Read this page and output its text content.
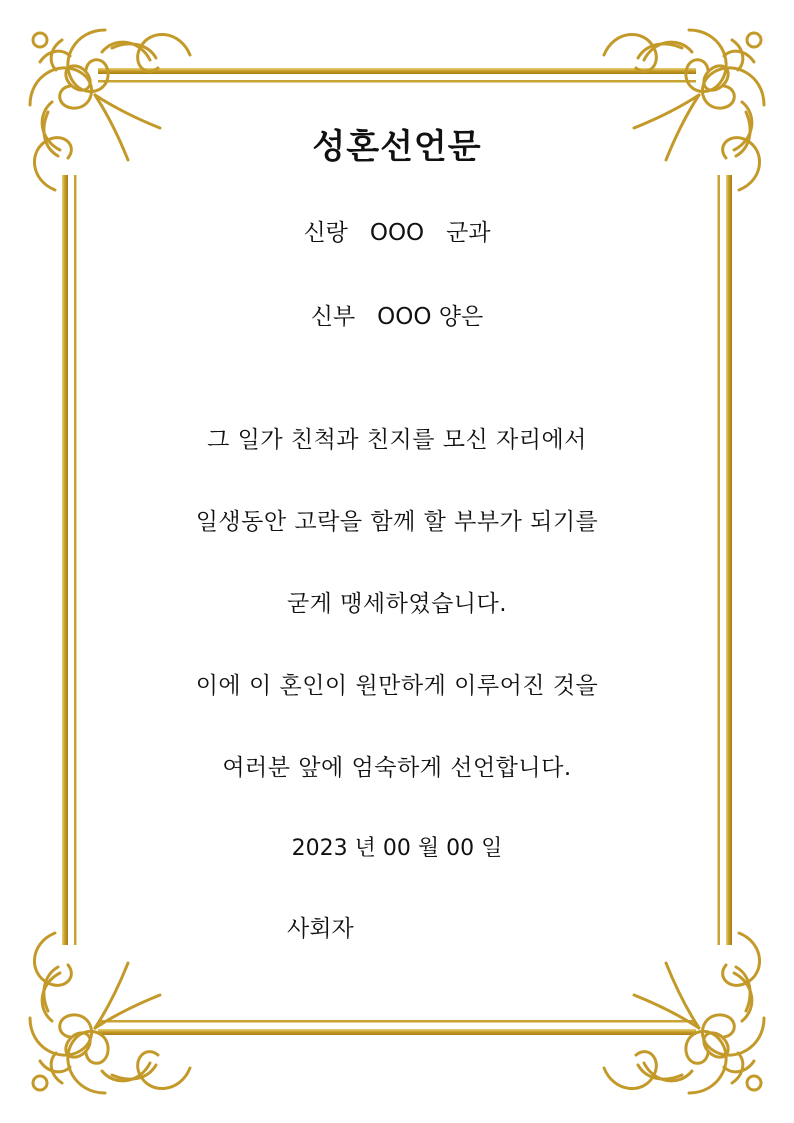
성혼선언문
신랑   OOO   군과
신부   OOO 양은
그 일가 친척과 친지를 모신 자리에서
일생동안 고락을 함께 할 부부가 되기를
굳게 맹세하였습니다.
이에 이 혼인이 원만하게 이루어진 것을
여러분 앞에 엄숙하게 선언합니다.
2023 년 00 월 00 일
사회자
